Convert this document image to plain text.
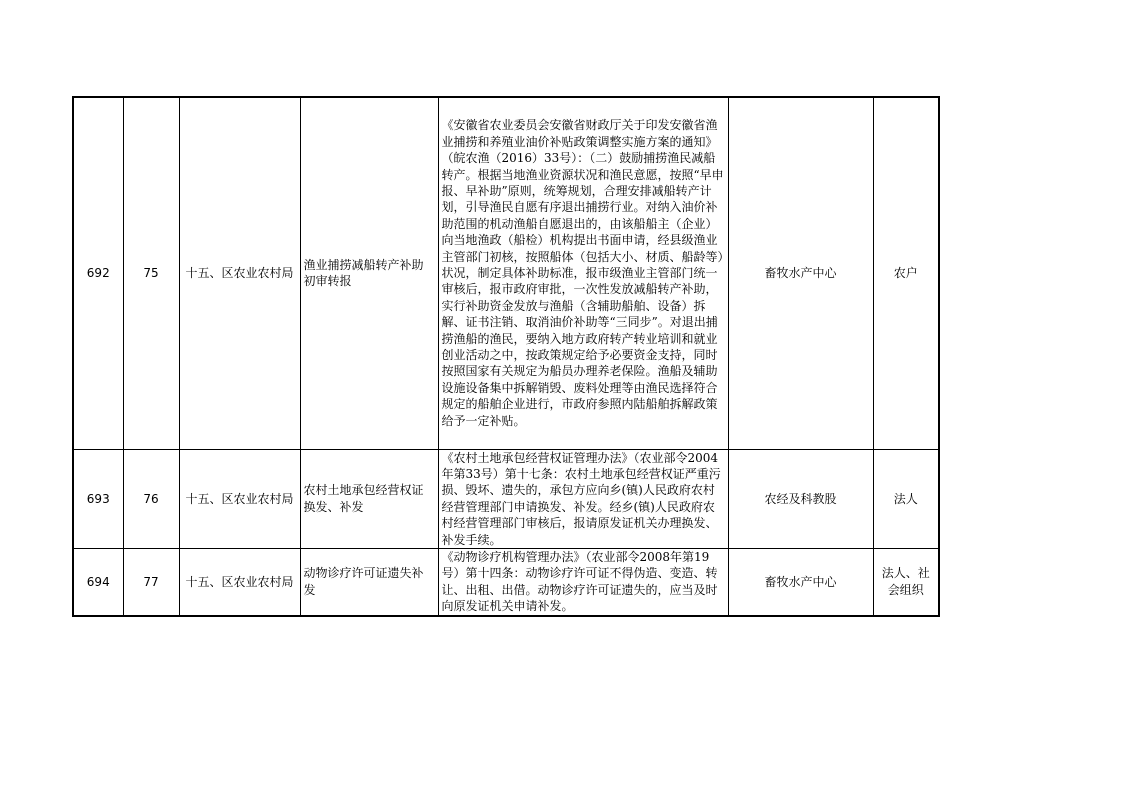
692	75	十五、区农业农村局	渔业捕捞减船转产补助初审转报	《安徽省农业委员会安徽省财政厅关于印发安徽省渔业捕捞和养殖业油价补贴政策调整实施方案的通知》（皖农渔（2016）33号）：（二）鼓励捕捞渔民减船转产。根据当地渔业资源状况和渔民意愿，按照“早申报、早补助”原则，统筹规划，合理安排减船转产计划，引导渔民自愿有序退出捕捞行业。对纳入油价补助范围的机动渔船自愿退出的，由该船船主（企业）向当地渔政（船检）机构提出书面申请，经县级渔业主管部门初核，按照船体（包括大小、材质、船龄等）状况，制定具体补助标准，报市级渔业主管部门统一审核后，报市政府审批，一次性发放减船转产补助，实行补助资金发放与渔船（含辅助船舶、设备）拆解、证书注销、取消油价补助等“三同步”。对退出捕捞渔船的渔民，要纳入地方政府转产转业培训和就业创业活动之中，按政策规定给予必要资金支持，同时按照国家有关规定为船员办理养老保险。渔船及辅助设施设备集中拆解销毁、废料处理等由渔民选择符合规定的船舶企业进行，市政府参照内陆船舶拆解政策给予一定补贴。	畜牧水产中心	农户
693	76	十五、区农业农村局	农村土地承包经营权证换发、补发	《农村土地承包经营权证管理办法》（农业部令2004年第33号）第十七条：农村土地承包经营权证严重污损、毁坏、遗失的，承包方应向乡(镇)人民政府农村经营管理部门申请换发、补发。经乡(镇)人民政府农村经营管理部门审核后，报请原发证机关办理换发、补发手续。	农经及科教股	法人
694	77	十五、区农业农村局	动物诊疗许可证遗失补发	《动物诊疗机构管理办法》（农业部令2008年第19号）第十四条：动物诊疗许可证不得伪造、变造、转让、出租、出借。动物诊疗许可证遗失的，应当及时向原发证机关申请补发。	畜牧水产中心	法人、社会组织
